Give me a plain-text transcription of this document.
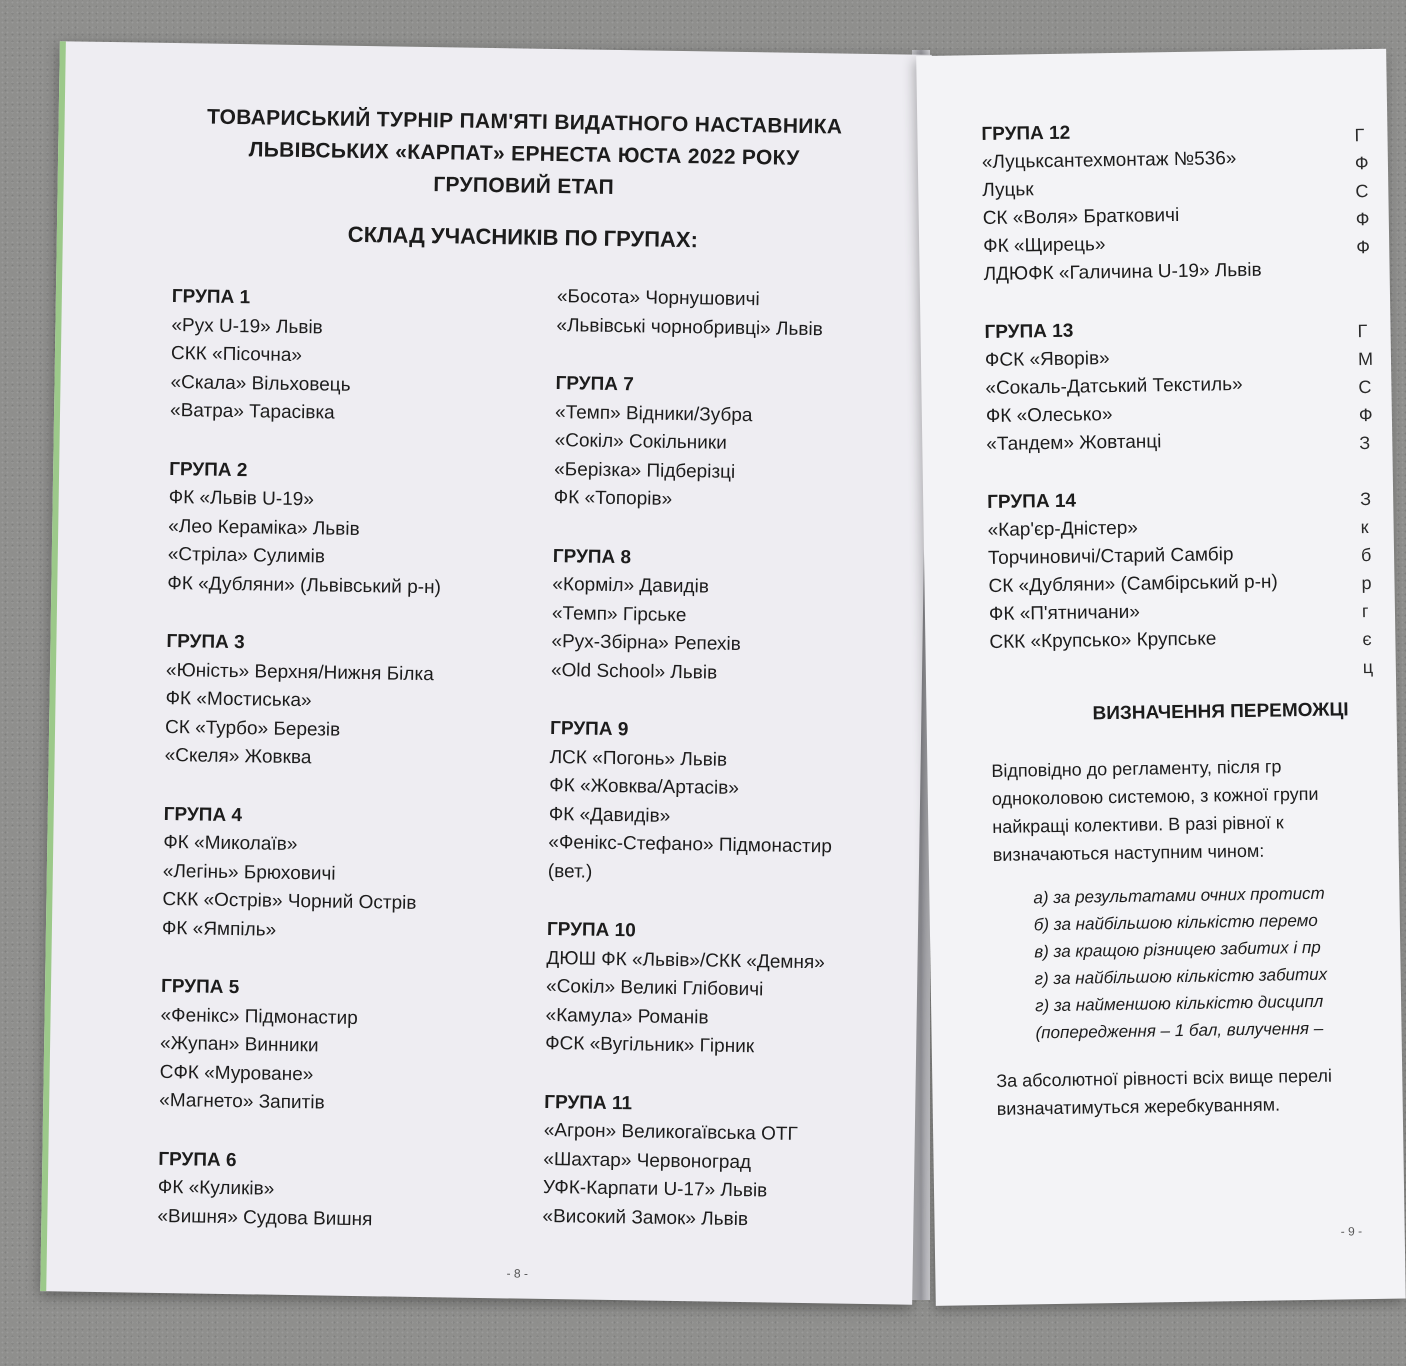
ТОВАРИСЬКИЙ ТУРНІР ПАМ'ЯТІ ВИДАТНОГО НАСТАВНИКА
ЛЬВІВСЬКИХ «КАРПАТ» ЕРНЕСТА ЮСТА 2022 РОКУ
ГРУПОВИЙ ЕТАП
СКЛАД УЧАСНИКІВ ПО ГРУПАХ:
ГРУПА 1
«Рух U-19» Львів
СКК «Пісочна»
«Скала» Вільховець
«Ватра» Тарасівка
ГРУПА 2
ФК «Львів U-19»
«Лео Кераміка» Львів
«Стріла» Сулимів
ФК «Дубляни» (Львівський р-н)
ГРУПА 3
«Юність» Верхня/Нижня Білка
ФК «Мостиська»
СК «Турбо» Березів
«Скеля» Жовква
ГРУПА 4
ФК «Миколаїв»
«Легінь» Брюховичі
СКК «Острів» Чорний Острів
ФК «Ямпіль»
ГРУПА 5
«Фенікс» Підмонастир
«Жупан» Винники
СФК «Мурoване»
«Магнето» Запитів
ГРУПА 6
ФК «Куликів»
«Вишня» Судова Вишня
«Босота» Чорнушовичі
«Львівські чорнобривці» Львів
ГРУПА 7
«Темп» Відники/Зубра
«Сокіл» Сокільники
«Берізка» Підберізці
ФК «Топорів»
ГРУПА 8
«Корміл» Давидів
«Темп» Гірське
«Рух-Збірна» Репехів
«Old School» Львів
ГРУПА 9
ЛСК «Погонь» Львів
ФК «Жовква/Артасів»
ФК «Давидів»
«Фенікс-Стефано» Підмонастир
(вет.)
ГРУПА 10
ДЮШ ФК «Львів»/СКК «Демня»
«Сокіл» Великі Глібовичі
«Камула» Романів
ФСК «Вугільник» Гірник
ГРУПА 11
«Агрон» Великогаївська ОТГ
«Шахтар» Червоноград
УФК-Карпати U-17» Львів
«Високий Замок» Львів
- 8 -
ГРУПА 12
«Луцьксантехмонтаж №536»
Луцьк
СК «Воля» Братковичі
ФК «Щирець»
ЛДЮФК «Галичина U-19» Львів
ГРУПА 13
ФСК «Яворів»
«Сокаль-Датський Текстиль»
ФК «Олесько»
«Тандем» Жовтанці
ГРУПА 14
«Кар'єр-Дністер»
Торчиновичі/Старий Самбір
СК «Дубляни» (Самбірський р-н)
ФК «П'ятничани»
СКК «Крупсько» Крупське
ВИЗНАЧЕННЯ ПЕРЕМОЖЦІ
Відповідно до регламенту, після гр
одноколовою системою, з кожної групи
найкращі колективи. В разі рівної к
визначаються наступним чином:
а) за результатами очних протист
б) за найбільшою кількістю перемо
в) за кращою різницею забитих і пр
г) за найбільшою кількістю забитих
г) за найменшою кількістю дисципл
(попередження – 1 бал, вилучення –
За абсолютної рівності всіх вище перелі
визначатимуться жеребкуванням.
Г
Ф
С
Ф
Ф
Г
М
С
Ф
З
З
к
б
р
г
є
ц
- 9 -
